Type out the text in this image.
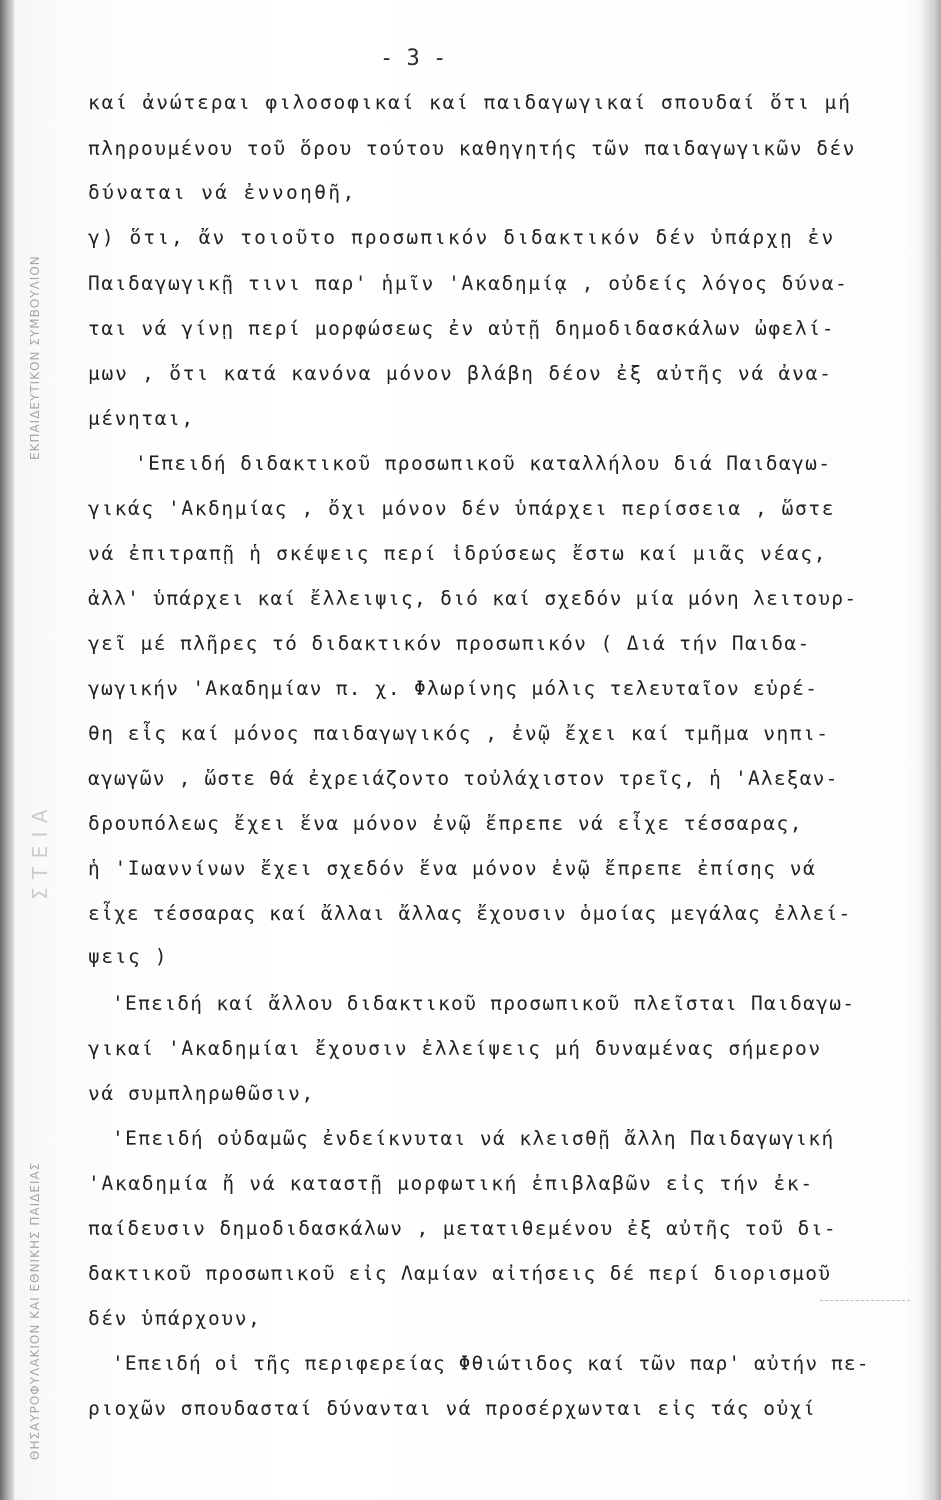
ΘΗΣΑΥΡΟΦΥΛΑΚΙΟΝ ΚΑΙ ΕΘΝΙΚΗΣ ΠΑΙΔΕΙΑΣ
Σ Τ Ε Ι Α
ΕΚΠΑΙΔΕΥΤΙΚΟΝ ΣΥΜΒΟΥΛΙΟΝ
- 3 -
καί ἀνώτεραι φιλοσοφικαί καί παιδαγωγικαί σπουδαί ὅτι μή
πληρουμένου τοῦ ὅρου τούτου καθηγητής τῶν παιδαγωγικῶν δέν
δύναται νά ἐννοηθῆ,
γ) ὅτι, ἄν τοιοῦτο προσωπικόν διδακτικόν δέν ὑπάρχῃ ἐν
Παιδαγωγικῇ τινι παρ' ἡμῖν 'Ακαδημίᾳ , οὐδείς λόγος δύνα-
ται νά γίνῃ περί μορφώσεως ἐν αὐτῇ δημοδιδασκάλων ὠφελί-
μων , ὅτι κατά κανόνα μόνον βλάβη δέον ἐξ αὐτῆς νά ἀνα-
μένηται,
'Επειδή διδακτικοῦ προσωπικοῦ καταλλήλου διά Παιδαγω-
γικάς 'Ακδημίας , ὄχι μόνον δέν ὑπάρχει περίσσεια , ὥστε
νά ἐπιτραπῇ ἡ σκέψεις περί ἱδρύσεως ἔστω καί μιᾶς νέας,
ἀλλ' ὑπάρχει καί ἔλλειψις, διό καί σχεδόν μία μόνη λειτουρ-
γεῖ μέ πλῆρες τό διδακτικόν προσωπικόν ( Διά τήν Παιδα-
γωγικήν 'Ακαδημίαν π. χ. Φλωρίνης μόλις τελευταῖον εὑρέ-
θη εἷς καί μόνος παιδαγωγικός , ἐνῷ ἔχει καί τμῆμα νηπι-
αγωγῶν , ὥστε θά ἐχρειάζοντο τοὐλάχιστον τρεῖς, ἡ 'Αλεξαν-
δρουπόλεως ἔχει ἕνα μόνον ἐνῷ ἔπρεπε νά εἶχε τέσσαρας,
ἡ 'Ιωαννίνων ἔχει σχεδόν ἕνα μόνον ἐνῷ ἔπρεπε ἐπίσης νά
εἶχε τέσσαρας καί ἄλλαι ἄλλας ἔχουσιν ὁμοίας μεγάλας ἐλλεί-
ψεις )
'Επειδή καί ἄλλου διδακτικοῦ προσωπικοῦ πλεῖσται Παιδαγω-
γικαί 'Ακαδημίαι ἔχουσιν ἐλλείψεις μή δυναμένας σήμερον
νά συμπληρωθῶσιν,
'Επειδή οὐδαμῶς ἐνδείκνυται νά κλεισθῇ ἄλλη Παιδαγωγική
'Ακαδημία ἤ νά καταστῇ μορφωτική ἐπιβλαβῶν εἰς τήν ἐκ-
παίδευσιν δημοδιδασκάλων , μετατιθεμένου ἐξ αὐτῆς τοῦ δι-
δακτικοῦ προσωπικοῦ εἰς Λαμίαν αἰτήσεις δέ περί διορισμοῦ
δέν ὑπάρχουν,
'Επειδή οἱ τῆς περιφερείας Φθιώτιδος καί τῶν παρ' αὐτήν πε-
ριοχῶν σπουδασταί δύνανται νά προσέρχωνται εἰς τάς οὐχί
